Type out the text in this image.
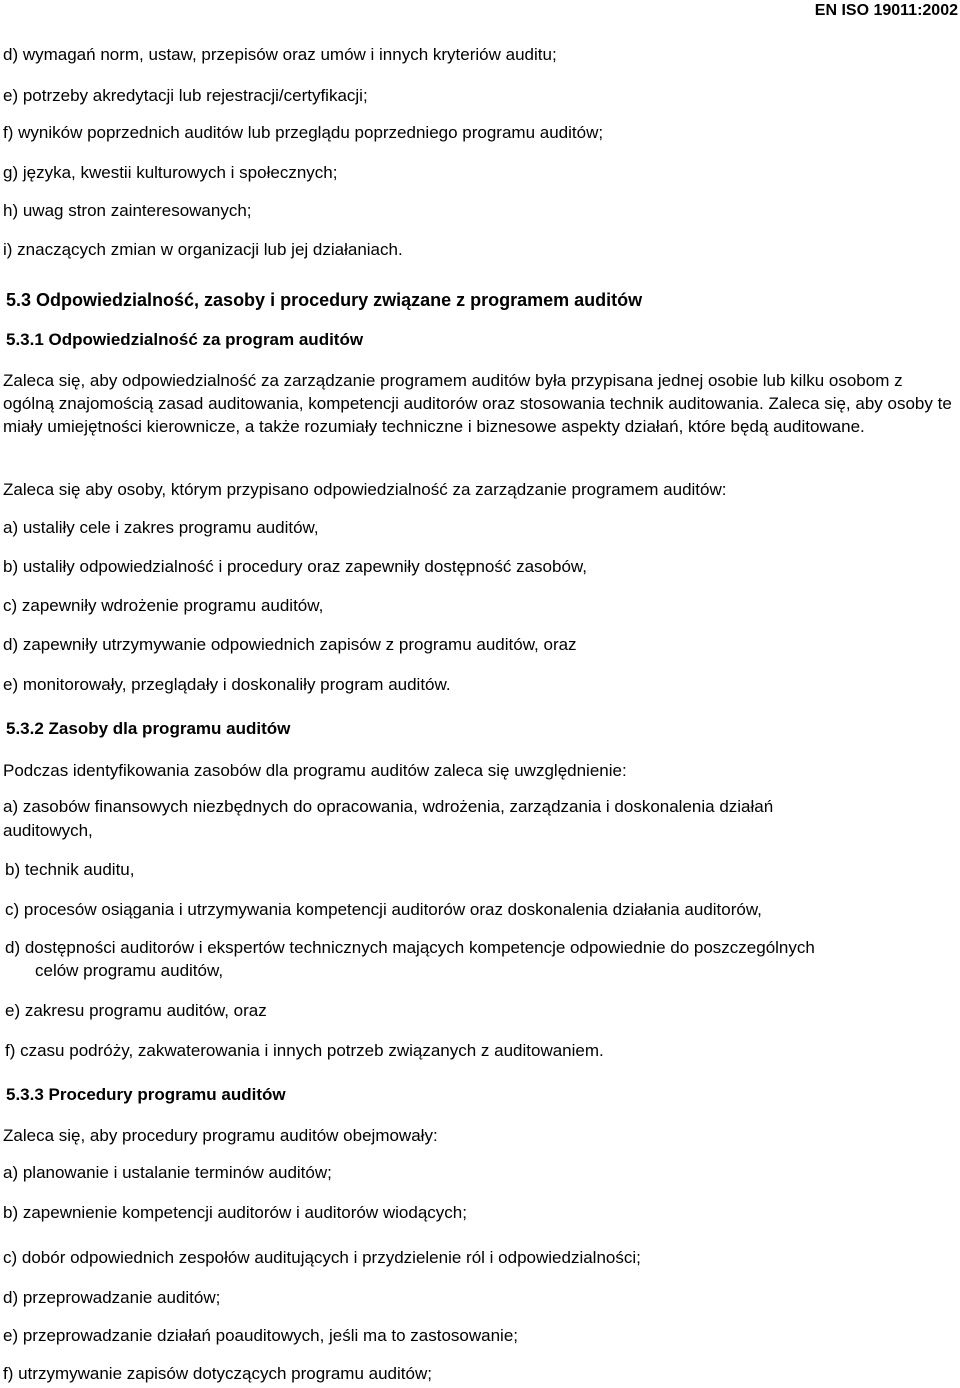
EN ISO 19011:2002

d) wymagań norm, ustaw, przepisów oraz umów i innych kryteriów auditu;

e) potrzeby akredytacji lub rejestracji/certyfikacji;

f) wyników poprzednich auditów lub przeglądu poprzedniego programu auditów;

g) języka, kwestii kulturowych i społecznych;

h) uwag stron zainteresowanych;

i) znaczących zmian w organizacji lub jej działaniach.

5.3 Odpowiedzialność, zasoby i procedury związane z programem auditów

5.3.1 Odpowiedzialność za program auditów

Zaleca się, aby odpowiedzialność za zarządzanie programem auditów była przypisana jednej osobie lub kilku osobom z ogólną znajomością zasad auditowania, kompetencji auditorów oraz stosowania technik auditowania. Zaleca się, aby osoby te miały umiejętności kierownicze, a także rozumiały techniczne i biznesowe aspekty działań, które będą auditowane.

Zaleca się aby osoby, którym przypisano odpowiedzialność za zarządzanie programem auditów:

a) ustaliły cele i zakres programu auditów,

b) ustaliły odpowiedzialność i procedury oraz zapewniły dostępność zasobów,

c) zapewniły wdrożenie programu auditów,

d) zapewniły utrzymywanie odpowiednich zapisów z programu auditów, oraz

e) monitorowały, przeglądały i doskonaliły program auditów.

5.3.2 Zasoby dla programu auditów

Podczas identyfikowania zasobów dla programu auditów zaleca się uwzględnienie:

a) zasobów finansowych niezbędnych do opracowania, wdrożenia, zarządzania i doskonalenia działań

auditowych,

b) technik auditu,

c) procesów osiągania i utrzymywania kompetencji auditorów oraz doskonalenia działania auditorów,

d) dostępności auditorów i ekspertów technicznych mających kompetencje odpowiednie do poszczególnych

celów programu auditów,

e) zakresu programu auditów, oraz

f) czasu podróży, zakwaterowania i innych potrzeb związanych z auditowaniem.

5.3.3 Procedury programu auditów

Zaleca się, aby procedury programu auditów obejmowały:

a) planowanie i ustalanie terminów auditów;

b) zapewnienie kompetencji auditorów i auditorów wiodących;

c) dobór odpowiednich zespołów auditujących i przydzielenie ról i odpowiedzialności;

d) przeprowadzanie auditów;

e) przeprowadzanie działań poauditowych, jeśli ma to zastosowanie;

f) utrzymywanie zapisów dotyczących programu auditów;
